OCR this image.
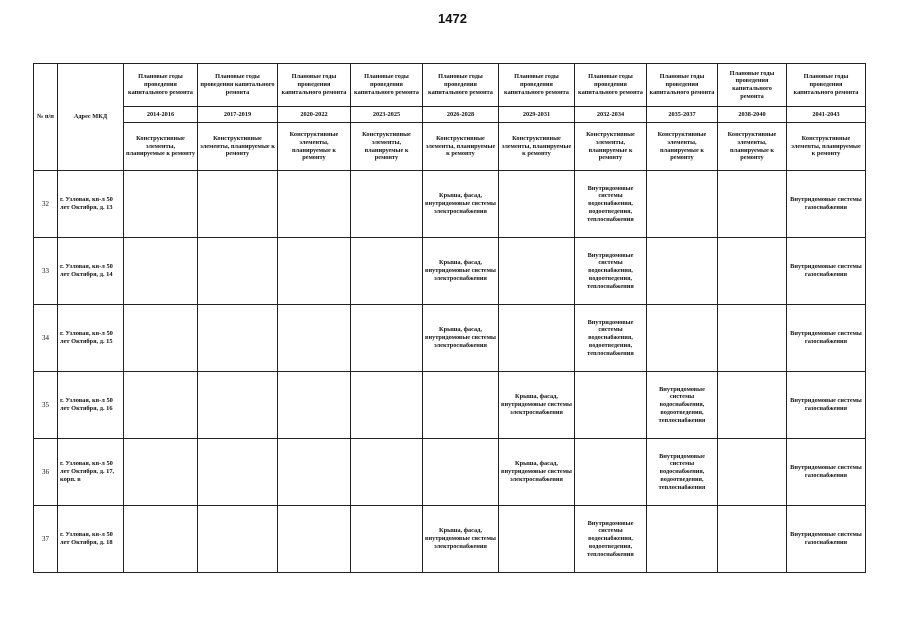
1472
№ п/п	Адрес МКД	Плановые годы проведения капитального ремонта	Плановые годы проведения капитального ремонта	Плановые годы проведения капитального ремонта	Плановые годы проведения капитального ремонта	Плановые годы проведения капитального ремонта	Плановые годы проведения капитального ремонта	Плановые годы проведения капитального ремонта	Плановые годы проведения капитального ремонта	Плановые годы проведения капитального ремонта	Плановые годы проведения капитального ремонта
		2014-2016	2017-2019	2020-2022	2023-2025	2026-2028	2029-2031	2032-2034	2035-2037	2038-2040	2041-2043
		Конструктивные элементы, планируемые к ремонту	Конструктивные элементы, планируемые к ремонту	Конструктивные элементы, планируемые к ремонту	Конструктивные элементы, планируемые к ремонту	Конструктивные элементы, планируемые к ремонту	Конструктивные элементы, планируемые к ремонту	Конструктивные элементы, планируемые к ремонту	Конструктивные элементы, планируемые к ремонту	Конструктивные элементы, планируемые к ремонту	Конструктивные элементы, планируемые к ремонту
32	г. Узловая, кв-л 50 лет Октября, д. 13					Крыша, фасад, внутридомовые системы электроснабжения		Внутридомовые системы водоснабжения, водоотведения, теплоснабжения			Внутридомовые системы газоснабжения
33	г. Узловая, кв-л 50 лет Октября, д. 14					Крыша, фасад, внутридомовые системы электроснабжения		Внутридомовые системы водоснабжения, водоотведения, теплоснабжения			Внутридомовые системы газоснабжения
34	г. Узловая, кв-л 50 лет Октября, д. 15					Крыша, фасад, внутридомовые системы электроснабжения		Внутридомовые системы водоснабжения, водоотведения, теплоснабжения			Внутридомовые системы газоснабжения
35	г. Узловая, кв-л 50 лет Октября, д. 16						Крыша, фасад, внутридомовые системы электроснабжения		Внутридомовые системы водоснабжения, водоотведения, теплоснабжения		Внутридомовые системы газоснабжения
36	г. Узловая, кв-л 50 лет Октября, д. 17, корп. в						Крыша, фасад, внутридомовые системы электроснабжения		Внутридомовые системы водоснабжения, водоотведения, теплоснабжения		Внутридомовые системы газоснабжения
37	г. Узловая, кв-л 50 лет Октября, д. 18					Крыша, фасад, внутридомовые системы электроснабжения		Внутридомовые системы водоснабжения, водоотведения, теплоснабжения			Внутридомовые системы газоснабжения
